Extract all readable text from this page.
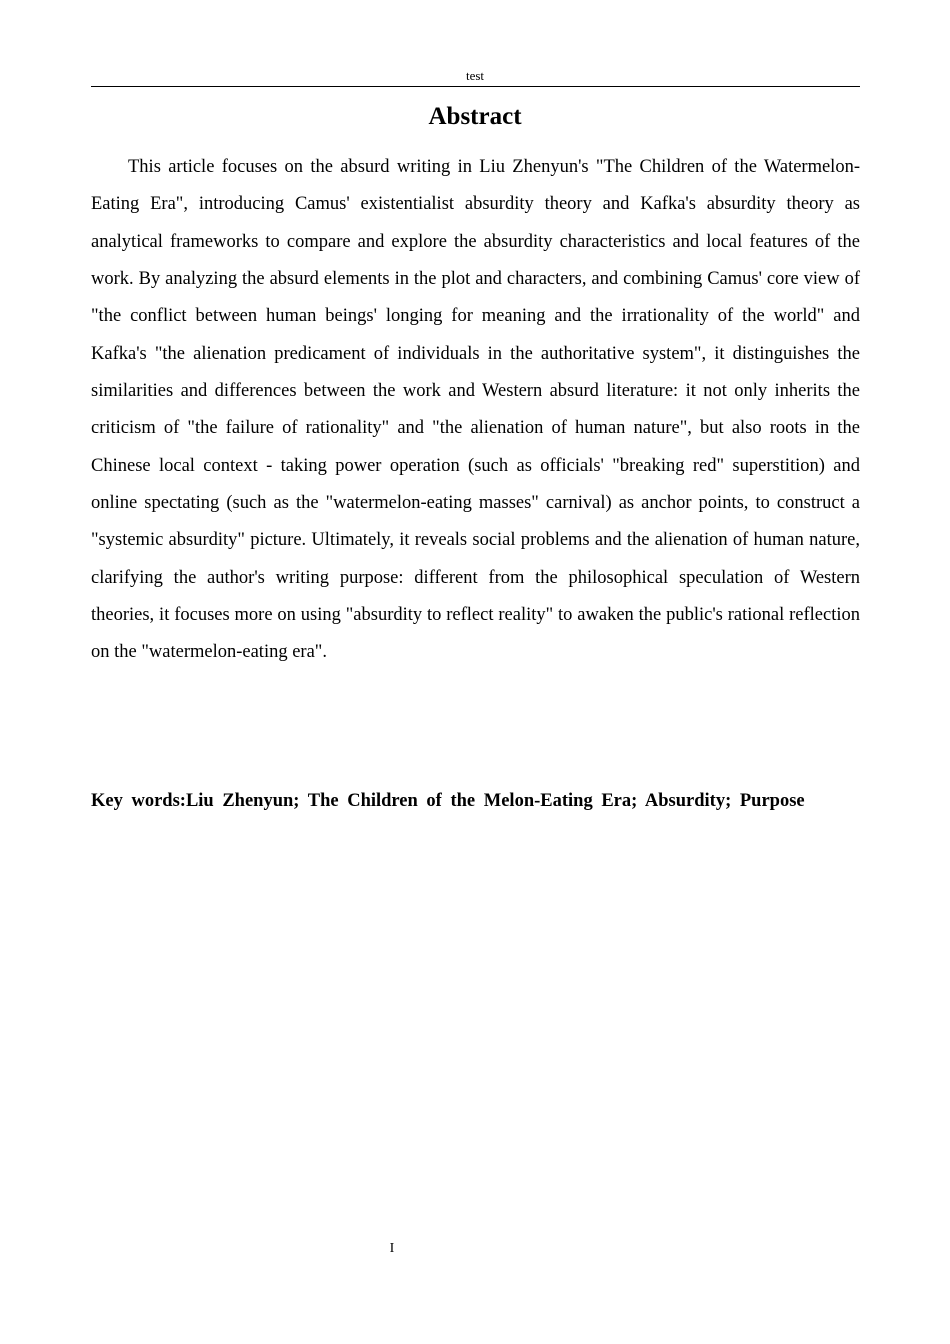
test
Abstract

This article focuses on the absurd writing in Liu Zhenyun's "The Children of the Watermelon-Eating Era", introducing Camus' existentialist absurdity theory and Kafka's absurdity theory as analytical frameworks to compare and explore the absurdity characteristics and local features of the work. By analyzing the absurd elements in the plot and characters, and combining Camus' core view of "the conflict between human beings' longing for meaning and the irrationality of the world" and Kafka's "the alienation predicament of individuals in the authoritative system", it distinguishes the similarities and differences between the work and Western absurd literature: it not only inherits the criticism of "the failure of rationality" and "the alienation of human nature", but also roots in the Chinese local context - taking power operation (such as officials' "breaking red" superstition) and online spectating (such as the "watermelon-eating masses" carnival) as anchor points, to construct a "systemic absurdity" picture. Ultimately, it reveals social problems and the alienation of human nature, clarifying the author's writing purpose: different from the philosophical speculation of Western theories, it focuses more on using "absurdity to reflect reality" to awaken the public's rational reflection on the "watermelon-eating era".

Key words:Liu Zhenyun; The Children of the Melon-Eating Era; Absurdity; Purpose

I
